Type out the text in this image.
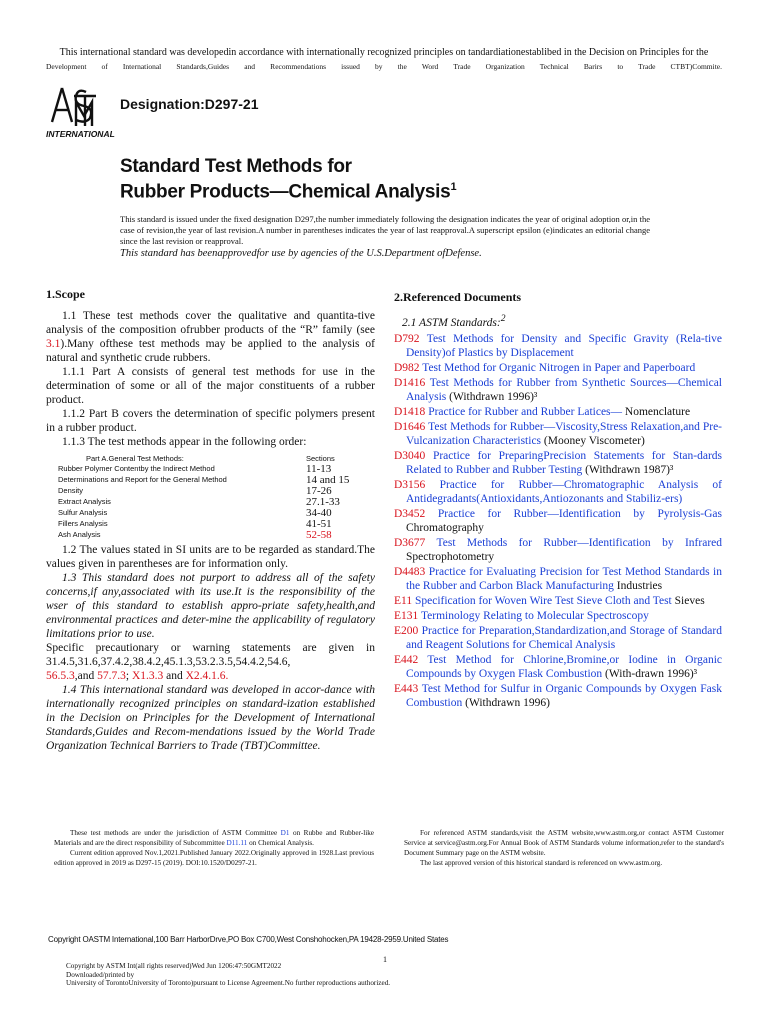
This international standard was developedin accordance with internationally recognized principles on tandardiationestablibed in the Decision on Principles for the
Development of International Standards,Guides and Recommendations issued by the Word Trade Organization Technical Barirs to Trade CTBT)Commite.
INTERNATIONAL
Designation:D297-21
Standard Test Methods for
Rubber Products—Chemical Analysis$^1$
This standard is issued under the fixed designation D297,the number immediately following the designation indicates the year of original adoption or,in the case of revision,the year of last revision.A number in parentheses indicates the year of last reapproval.A superscript epsilon (e)indicates an editorial change since the last revision or reapproval.
This standard has beenapprovedfor use by agencies of the U.S.Department ofDefense.
1.Scope

1.1 These test methods cover the qualitative and quantita-tive analysis of the composition ofrubber products of the “R” family (see 3.1).Many ofthese test methods may be applied to the analysis of natural and synthetic crude rubbers.

1.1.1 Part A consists of general test methods for use in the determination of some or all of the major constituents of a rubber product.

1.1.2 Part B covers the determination of specific polymers present in a rubber product.

1.1.3 The test methods appear in the following order:

Part A.General Test Methods:	Sections
Rubber Polymer Contentby the Indirect Method	11-13
Determinations and Report for the General Method	14 and 15
Density	17-26
Extract Analysis	27.1-33
Sulfur Analysis	34-40
Fillers Analysis	41-51
Ash Analysis	52-58

1.2 The values stated in SI units are to be regarded as standard.The values given in parentheses are for information only.

1.3 This standard does not purport to address all of the safety concerns,if any,associated with its use.It is the responsibility of the wser of this standard to establish appro-priate safety,health,and environmental practices and deter-mine the applicability of regulatory limitations prior to use.

Specific precautionary or warning statements are given in 31.4.5,31.6,37.4.2,38.4.2,45.1.3,53.2.3.5,54.4.2,54.6,
56.5.3,and 57.7.3; X1.3.3 and X2.4.1.6.

1.4 This international standard was developed in accor-dance with internationally recognized principles on standard-ization established in the Decision on Principles for the Development of International Standards,Guides and Recom-mendations issued by the World Trade Organization Technical Barriers to Trade (TBT)Committee.

2.Referenced Documents
2.1 ASTM Standards:$^2$

D792 Test Methods for Density and Specific Gravity (Rela-tive Density)of Plastics by Displacement

D982 Test Method for Organic Nitrogen in Paper and Paperboard

D1416 Test Methods for Rubber from Synthetic Sources—Chemical Analysis (Withdrawn 1996)³

D1418 Practice for Rubber and Rubber Latices— Nomenclature

D1646 Test Methods for Rubber—Viscosity,Stress Relaxation,and Pre-Vulcanization Characteristics (Mooney Viscometer)

D3040 Practice for PreparingPrecision Statements for Stan-dards Related to Rubber and Rubber Testing (Withdrawn 1987)³

D3156 Practice for Rubber—Chromatographic Analysis of Antidegradants(Antioxidants,Antiozonants and Stabiliz-ers)

D3452 Practice for Rubber—Identification by Pyrolysis-Gas Chromatography

D3677 Test Methods for Rubber—Identification by Infrared Spectrophotometry

D4483 Practice for Evaluating Precision for Test Method Standards in the Rubber and Carbon Black Manufacturing Industries

E11 Specification for Woven Wire Test Sieve Cloth and Test Sieves

E131 Terminology Relating to Molecular Spectroscopy

E200 Practice for Preparation,Standardization,and Storage of Standard and Reagent Solutions for Chemical Analysis

E442 Test Method for Chlorine,Bromine,or Iodine in Organic Compounds by Oxygen Flask Combustion (With-drawn 1996)³

E443 Test Method for Sulfur in Organic Compounds by Oxygen Fask Combustion (Withdrawn 1996)

These test methods are under the jurisdiction of ASTM Committee D1 on Rubbe and Rubber-like Materials and are the direct responsibility of Subcommittee D11.11 on Chemical Analysis.

Current edition approved Nov.1,2021.Published January 2022.Originally approved in 1928.Last previous edition approved in 2019 as D297-15 (2019). DOI:10.1520/D0297-21.

For referenced ASTM standards,visit the ASTM website,www.astm.org,or contact ASTM Customer Service at service@astm.org.For Annual Book of ASTM Standards volume information,refer to the standard's Document Summary page on the ASTM website.

The last approved version of this historical standard is referenced on www.astm.org.

Copyright OASTM International,100 Barr HarborDrve,PO Box C700,West Conshohocken,PA 19428-2959.United States
1
Copyright by ASTM Int(all rights reserved)Wed Jun 1206:47:50GMT2022
Downloaded/printed by
University of TorontoUniversity of Toronto)pursuant to License Agreement.No further reproductions authorized.
